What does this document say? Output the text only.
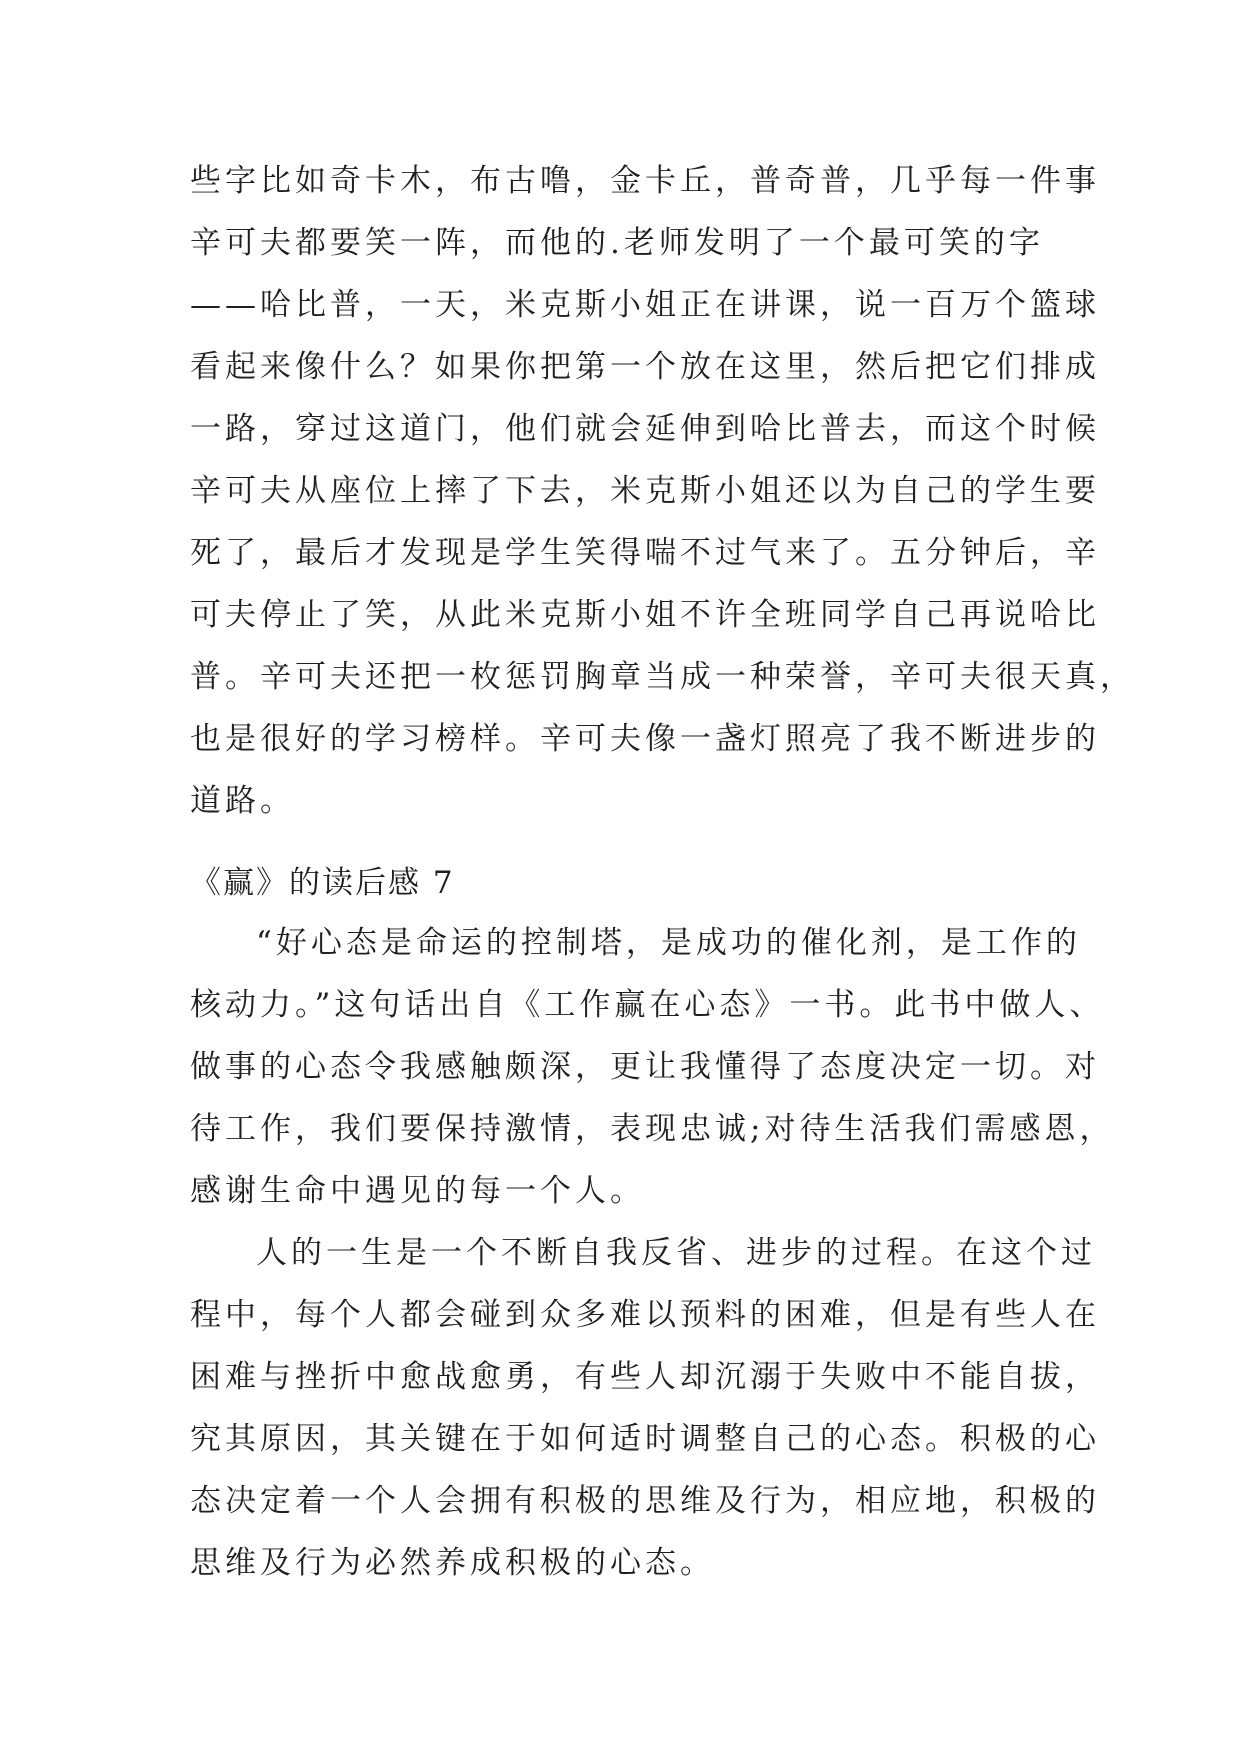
些字比如奇卡木，布古噜，金卡丘，普奇普，几乎每一件事
辛可夫都要笑一阵，而他的.老师发明了一个最可笑的字
——哈比普，一天，米克斯小姐正在讲课，说一百万个篮球
看起来像什么？如果你把第一个放在这里，然后把它们排成
一路，穿过这道门，他们就会延伸到哈比普去，而这个时候
辛可夫从座位上摔了下去，米克斯小姐还以为自己的学生要
死了，最后才发现是学生笑得喘不过气来了。五分钟后，辛
可夫停止了笑，从此米克斯小姐不许全班同学自己再说哈比
普。辛可夫还把一枚惩罚胸章当成一种荣誉，辛可夫很天真，
也是很好的学习榜样。辛可夫像一盏灯照亮了我不断进步的
道路。
《赢》的读后感 7
“好心态是命运的控制塔，是成功的催化剂，是工作的
核动力。”这句话出自《工作赢在心态》一书。此书中做人、
做事的心态令我感触颇深，更让我懂得了态度决定一切。对
待工作，我们要保持激情，表现忠诚;对待生活我们需感恩，
感谢生命中遇见的每一个人。
人的一生是一个不断自我反省、进步的过程。在这个过
程中，每个人都会碰到众多难以预料的困难，但是有些人在
困难与挫折中愈战愈勇，有些人却沉溺于失败中不能自拔，
究其原因，其关键在于如何适时调整自己的心态。积极的心
态决定着一个人会拥有积极的思维及行为，相应地，积极的
思维及行为必然养成积极的心态。
